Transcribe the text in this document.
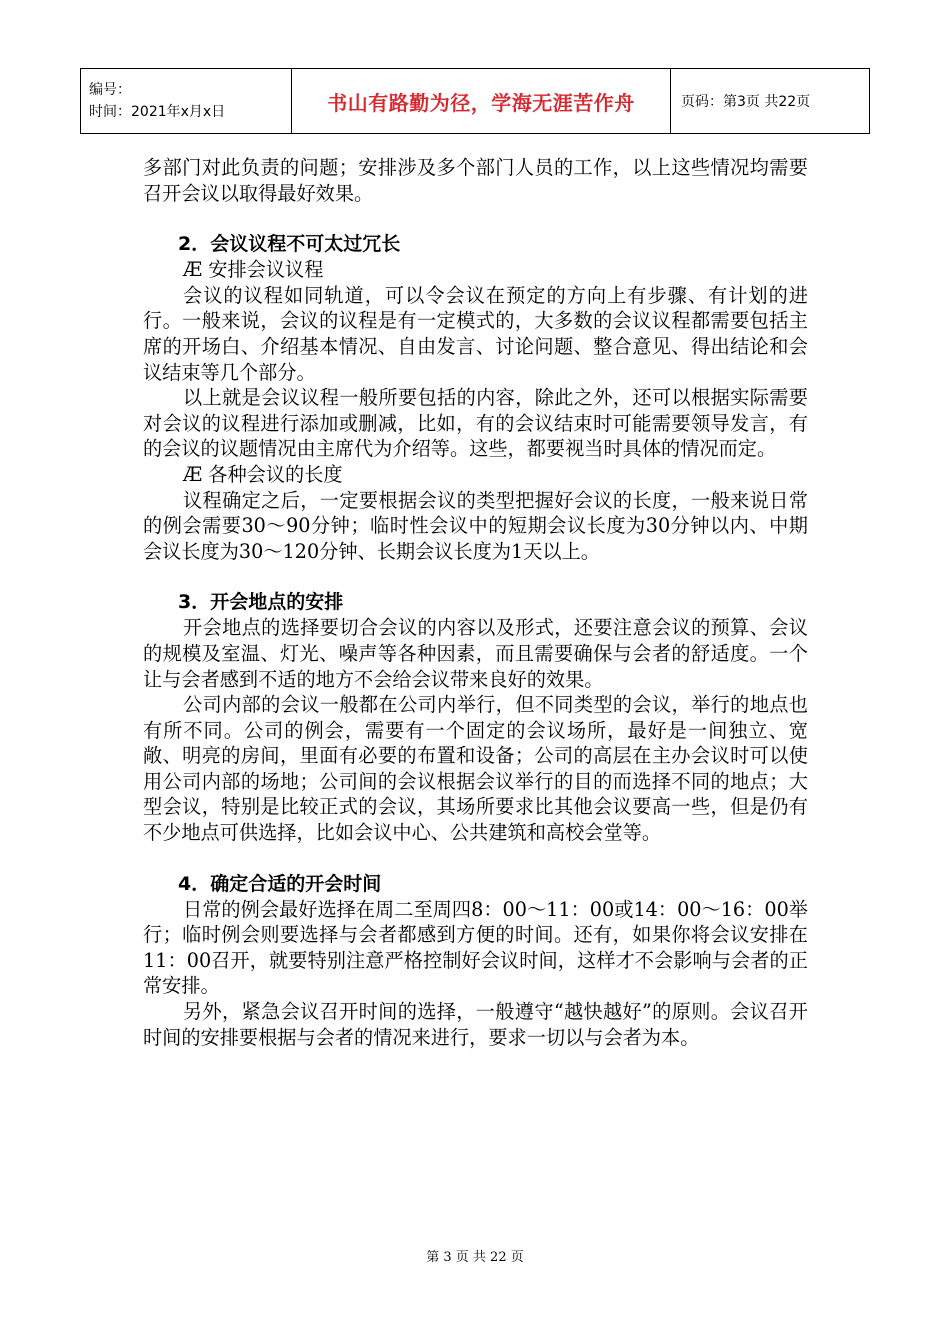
编号：
时间：2021年x月x日	书山有路勤为径，学海无涯苦作舟	页码：第3页 共22页

多部门对此负责的问题；安排涉及多个部门人员的工作，以上这些情况均需要召开会议以取得最好效果。

2．会议议程不可太过冗长

Æ 安排会议议程

会议的议程如同轨道，可以令会议在预定的方向上有步骤、有计划的进行。一般来说，会议的议程是有一定模式的，大多数的会议议程都需要包括主席的开场白、介绍基本情况、自由发言、讨论问题、整合意见、得出结论和会议结束等几个部分。

以上就是会议议程一般所要包括的内容，除此之外，还可以根据实际需要对会议的议程进行添加或删减，比如，有的会议结束时可能需要领导发言，有的会议的议题情况由主席代为介绍等。这些，都要视当时具体的情况而定。

Æ 各种会议的长度

议程确定之后，一定要根据会议的类型把握好会议的长度，一般来说日常的例会需要30～90分钟；临时性会议中的短期会议长度为30分钟以内、中期会议长度为30～120分钟、长期会议长度为1天以上。

3．开会地点的安排

开会地点的选择要切合会议的内容以及形式，还要注意会议的预算、会议的规模及室温、灯光、噪声等各种因素，而且需要确保与会者的舒适度。一个让与会者感到不适的地方不会给会议带来良好的效果。

公司内部的会议一般都在公司内举行，但不同类型的会议，举行的地点也有所不同。公司的例会，需要有一个固定的会议场所，最好是一间独立、宽敞、明亮的房间，里面有必要的布置和设备；公司的高层在主办会议时可以使用公司内部的场地；公司间的会议根据会议举行的目的而选择不同的地点；大型会议，特别是比较正式的会议，其场所要求比其他会议要高一些，但是仍有不少地点可供选择，比如会议中心、公共建筑和高校会堂等。

4．确定合适的开会时间

日常的例会最好选择在周二至周四8：00～11：00或14：00～16：00举行；临时例会则要选择与会者都感到方便的时间。还有，如果你将会议安排在11：00召开，就要特别注意严格控制好会议时间，这样才不会影响与会者的正常安排。

另外，紧急会议召开时间的选择，一般遵守“越快越好”的原则。会议召开时间的安排要根据与会者的情况来进行，要求一切以与会者为本。

第 3 页 共 22 页
